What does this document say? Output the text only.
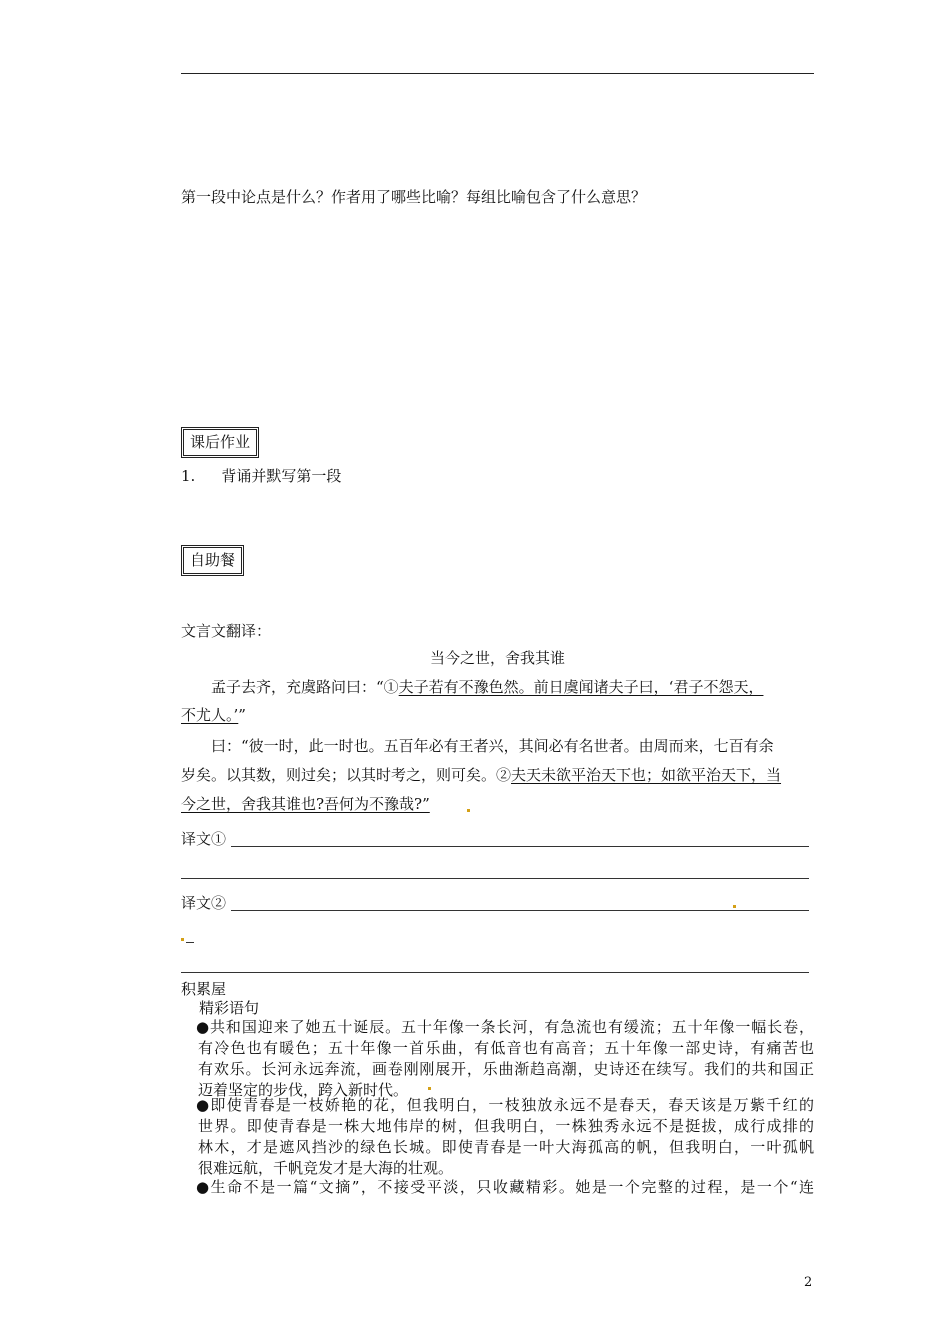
第一段中论点是什么？作者用了哪些比喻？每组比喻包含了什么意思？
课后作业
1. 背诵并默写第一段
自助餐
文言文翻译：
当今之世，舍我其谁
孟子去齐，充虞路问曰：“①夫子若有不豫色然。前日虞闻诸夫子曰，‘君子不怨天，
不尤人。’”
曰：“彼一时，此一时也。五百年必有王者兴，其间必有名世者。由周而来，七百有余
岁矣。以其数，则过矣；以其时考之，则可矣。②夫天未欲平治天下也；如欲平治天下，当
今之世，舍我其谁也?吾何为不豫哉?”
译文①
译文②
积累屋
精彩语句

●共和国迎来了她五十诞辰。五十年像一条长河，有急流也有缓流；五十年像一幅长卷，

有冷色也有暖色；五十年像一首乐曲，有低音也有高音；五十年像一部史诗，有痛苦也

有欢乐。长河永远奔流，画卷刚刚展开，乐曲渐趋高潮，史诗还在续写。我们的共和国正

迈着坚定的步伐，跨入新时代。

●即使青春是一枝娇艳的花，但我明白，一枝独放永远不是春天，春天该是万紫千红的

世界。即使青春是一株大地伟岸的树，但我明白，一株独秀永远不是挺拔，成行成排的

林木，才是遮风挡沙的绿色长城。即使青春是一叶大海孤高的帆，但我明白，一叶孤帆

很难远航，千帆竞发才是大海的壮观。

●生命不是一篇“文摘”，不接受平淡，只收藏精彩。她是一个完整的过程，是一个“连

2
